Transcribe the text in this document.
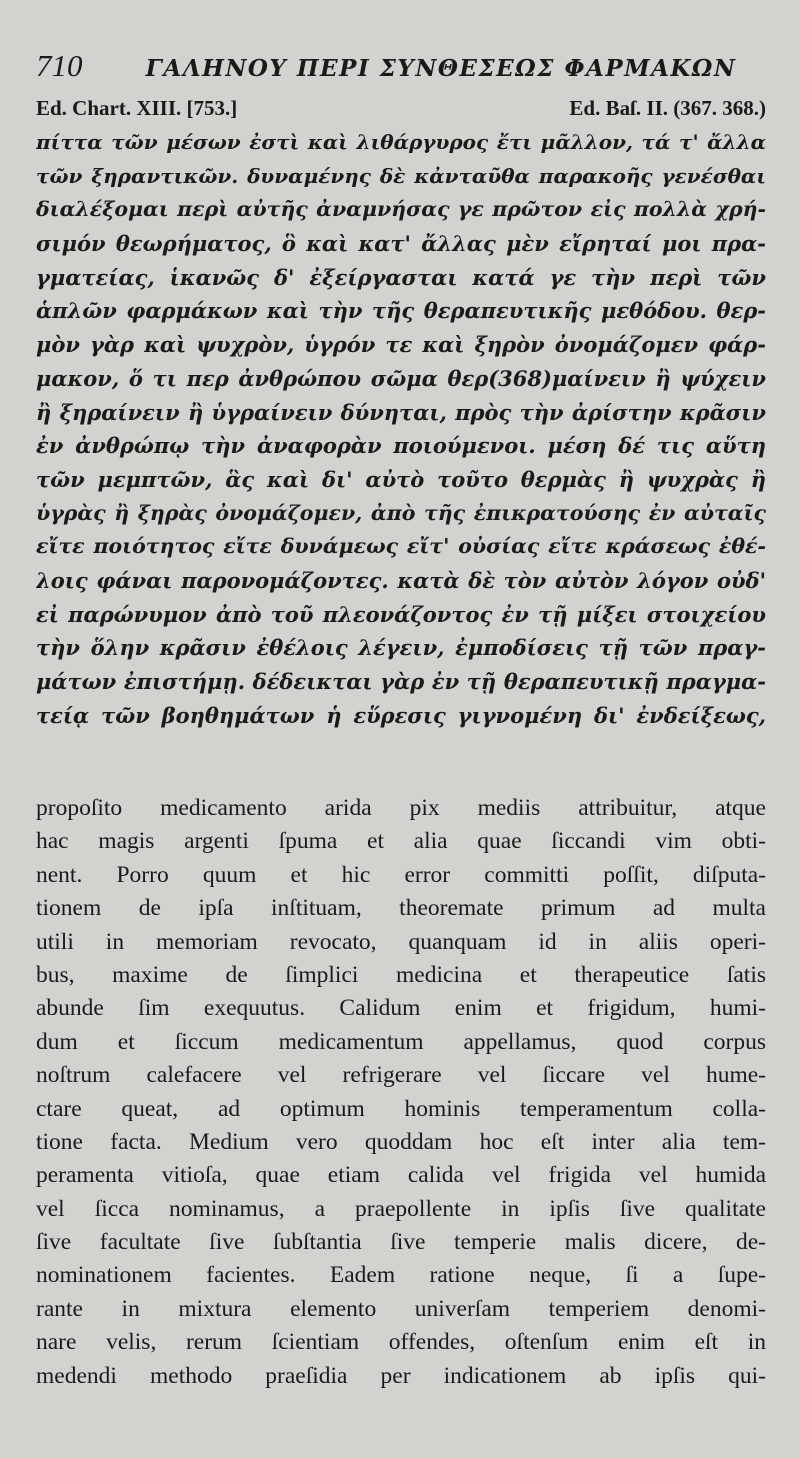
710	ΓΑΛΗΝΟΥ ΠΕΡΙ ΣΥΝΘΕΣΕΩΣ ΦΑΡΜΑΚΩΝ
Ed. Chart. XIII. [753.]	Ed. Baſ. II. (367. 368.)
πίττα τῶν μέσων ἐστὶ καὶ λιθάργυρος ἔτι μᾶλλον, τά τ' ἄλλα
τῶν ξηραντικῶν. δυναμένης δὲ κἀνταῦθα παρακοῆς γενέσθαι
διαλέξομαι περὶ αὐτῆς ἀναμνήσας γε πρῶτον εἰς πολλὰ χρή-
σιμόν θεωρήματος, ὃ καὶ κατ' ἄλλας μὲν εἴρηταί μοι πρα-
γματείας, ἱκανῶς δ' ἐξείργασται κατά γε τὴν περὶ τῶν
ἁπλῶν φαρμάκων καὶ τὴν τῆς θεραπευτικῆς μεθόδου. θερ-
μὸν γὰρ καὶ ψυχρὸν, ὑγρόν τε καὶ ξηρὸν ὀνομάζομεν φάρ-
μακον, ὅ τι περ ἀνθρώπου σῶμα θερ(368)μαίνειν ἢ ψύχειν
ἢ ξηραίνειν ἢ ὑγραίνειν δύνηται, πρὸς τὴν ἀρίστην κρᾶσιν
ἐν ἀνθρώπῳ τὴν ἀναφορὰν ποιούμενοι. μέση δέ τις αὕτη
τῶν μεμπτῶν, ἃς καὶ δι' αὐτὸ τοῦτο θερμὰς ἢ ψυχρὰς ἢ
ὑγρὰς ἢ ξηρὰς ὀνομάζομεν, ἀπὸ τῆς ἐπικρατούσης ἐν αὐταῖς
εἴτε ποιότητος εἴτε δυνάμεως εἴτ' οὐσίας εἴτε κράσεως ἐθέ-
λοις φάναι παρονομάζοντες. κατὰ δὲ τὸν αὐτὸν λόγον οὐδ'
εἰ παρώνυμον ἀπὸ τοῦ πλεονάζοντος ἐν τῇ μίξει στοιχείου
τὴν ὅλην κρᾶσιν ἐθέλοις λέγειν, ἐμποδίσεις τῇ τῶν πραγ-
μάτων ἐπιστήμῃ. δέδεικται γὰρ ἐν τῇ θεραπευτικῇ πραγμα-
τείᾳ τῶν βοηθημάτων ἡ εὕρεσις γιγνομένη δι' ἐνδείξεως,
propoſito medicamento arida pix mediis attribuitur, atque
hac magis argenti ſpuma et alia quae ſiccandi vim obti-
nent. Porro quum et hic error committi poſſit, diſputa-
tionem de ipſa inſtituam, theoremate primum ad multa
utili in memoriam revocato, quanquam id in aliis operi-
bus, maxime de ſimplici medicina et therapeutice ſatis
abunde ſim exequutus. Calidum enim et frigidum, humi-
dum et ſiccum medicamentum appellamus, quod corpus
noſtrum calefacere vel refrigerare vel ſiccare vel hume-
ctare queat, ad optimum hominis temperamentum colla-
tione facta. Medium vero quoddam hoc eſt inter alia tem-
peramenta vitioſa, quae etiam calida vel frigida vel humida
vel ſicca nominamus, a praepollente in ipſis ſive qualitate
ſive facultate ſive ſubſtantia ſive temperie malis dicere, de-
nominationem facientes. Eadem ratione neque, ſi a ſupe-
rante in mixtura elemento univerſam temperiem denomi-
nare velis, rerum ſcientiam offendes, oſtenſum enim eſt in
medendi methodo praeſidia per indicationem ab ipſis qui-
